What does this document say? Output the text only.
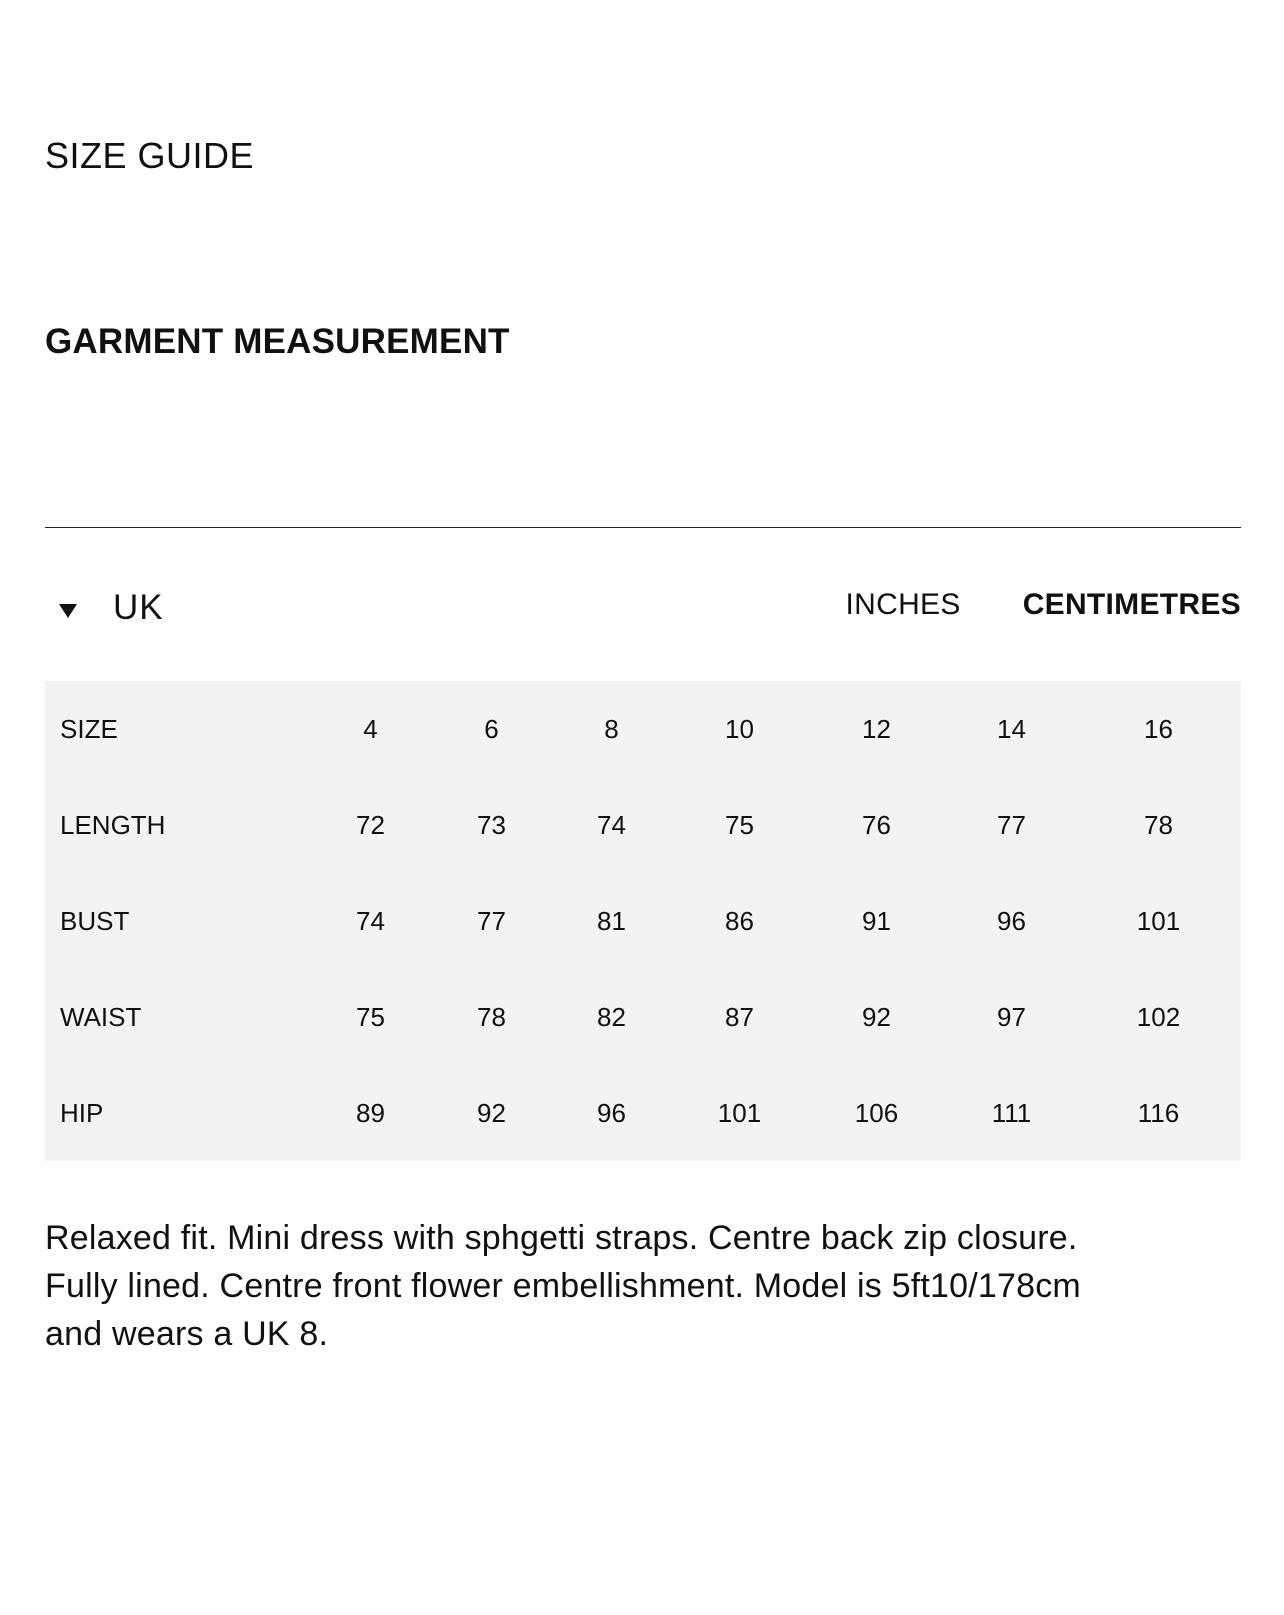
SIZE GUIDE
GARMENT MEASUREMENT
UK	INCHES CENTIMETRES
SIZE	4	6	8	10	12	14	16
LENGTH	72	73	74	75	76	77	78
BUST	74	77	81	86	91	96	101
WAIST	75	78	82	87	92	97	102
HIP	89	92	96	101	106	111	116

Relaxed fit. Mini dress with sphgetti straps. Centre back zip closure. Fully lined. Centre front flower embellishment. Model is 5ft10/178cm and wears a UK 8.
